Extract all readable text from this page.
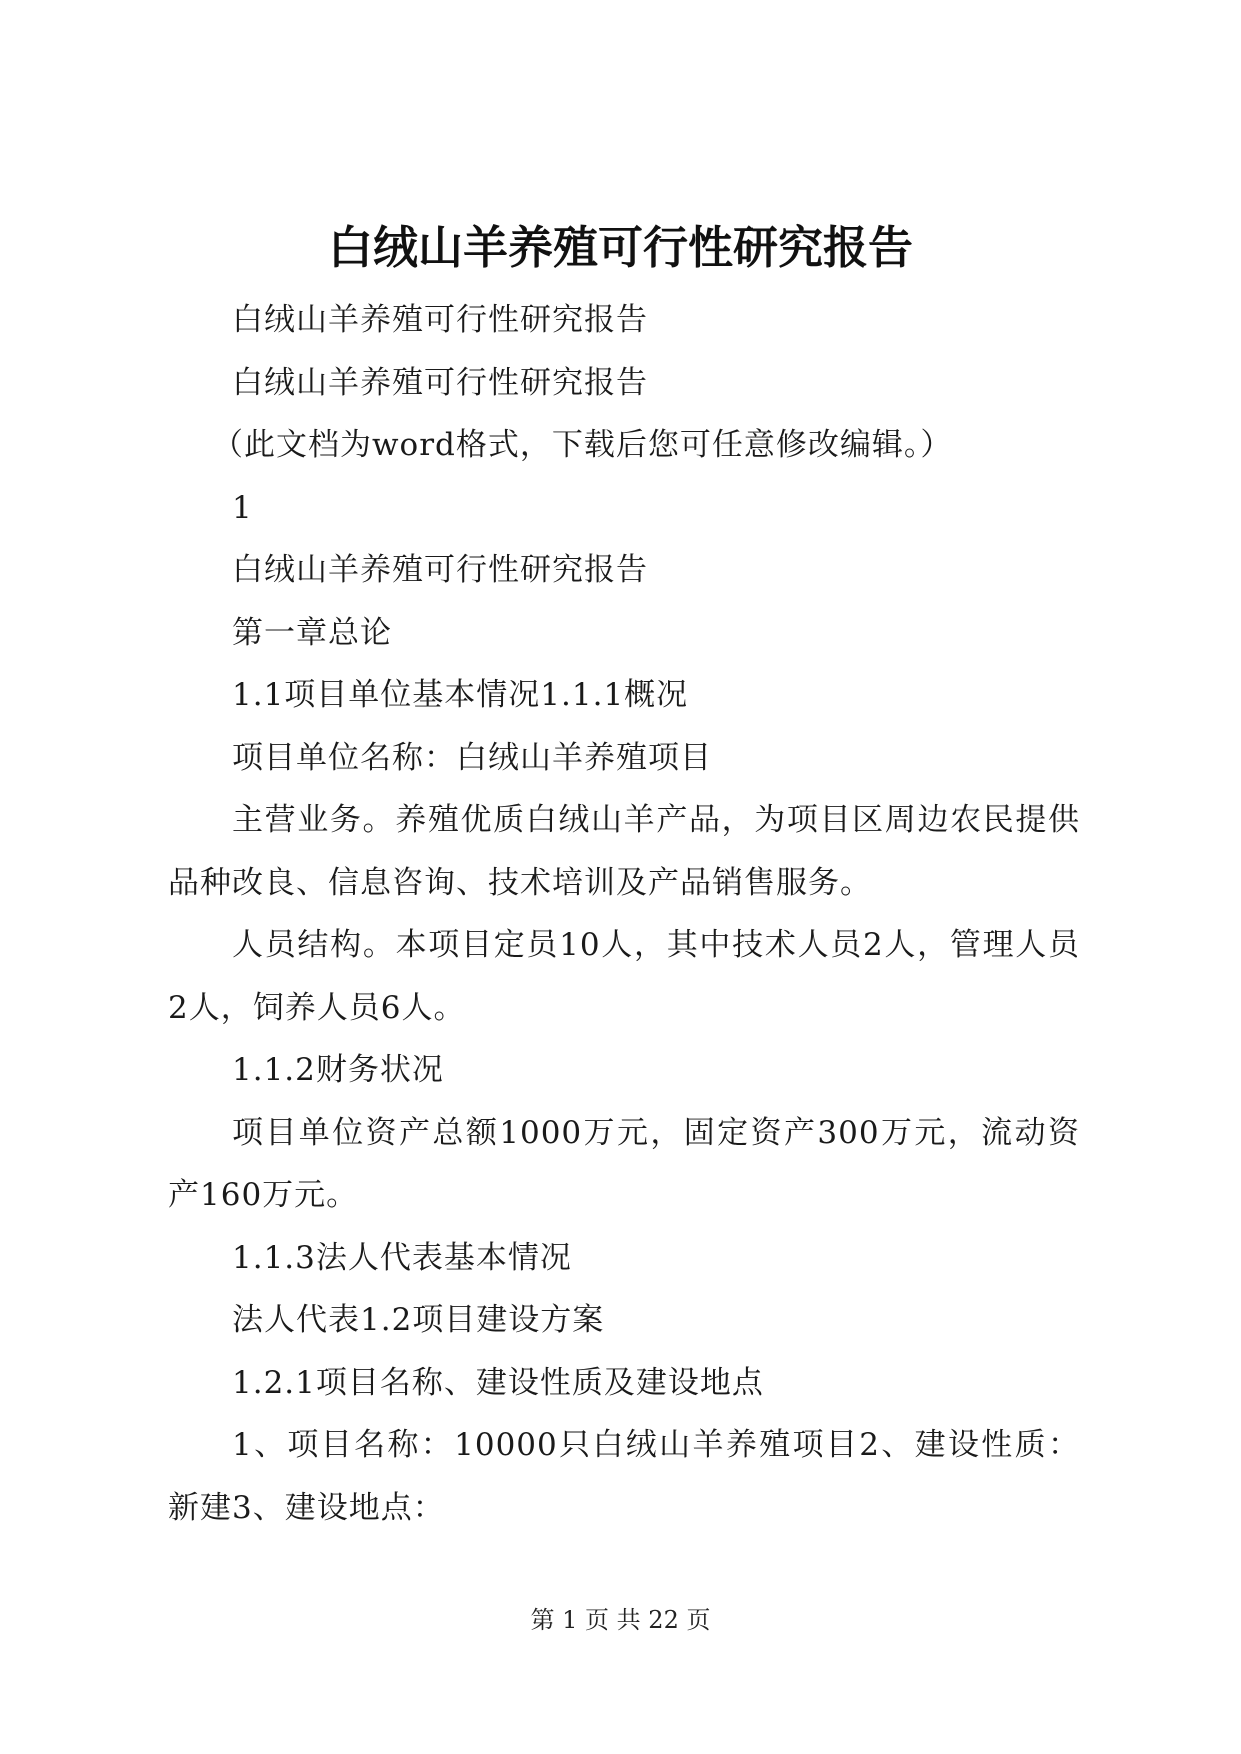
白绒山羊养殖可行性研究报告

白绒山羊养殖可行性研究报告

白绒山羊养殖可行性研究报告

（此文档为word格式，下载后您可任意修改编辑。）

1

白绒山羊养殖可行性研究报告

第一章总论

1.1项目单位基本情况1.1.1概况

项目单位名称：白绒山羊养殖项目

主营业务。养殖优质白绒山羊产品，为项目区周边农民提供品种改良、信息咨询、技术培训及产品销售服务。

人员结构。本项目定员10人，其中技术人员2人，管理人员2人，饲养人员6人。

1.1.2财务状况

项目单位资产总额1000万元，固定资产300万元，流动资产160万元。

1.1.3法人代表基本情况

法人代表1.2项目建设方案

1.2.1项目名称、建设性质及建设地点

1、项目名称：10000只白绒山羊养殖项目2、建设性质：新建3、建设地点：

第 1 页 共 22 页
